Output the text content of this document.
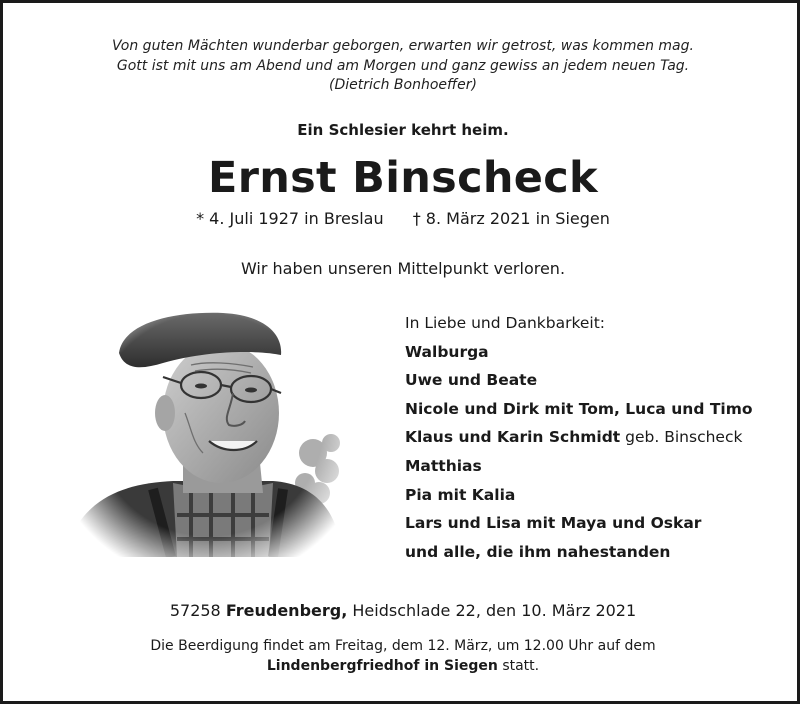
Von guten Mächten wunderbar geborgen, erwarten wir getrost, was kommen mag.
Gott ist mit uns am Abend und am Morgen und ganz gewiss an jedem neuen Tag.
(Dietrich Bonhoeffer)
Ein Schlesier kehrt heim.
Ernst Binscheck
* 4. Juli 1927 in Breslau † 8. März 2021 in Siegen
Wir haben unseren Mittelpunkt verloren.
In Liebe und Dankbarkeit:
Walburga
Uwe und Beate
Nicole und Dirk mit Tom, Luca und Timo
Klaus und Karin Schmidt geb. Binscheck
Matthias
Pia mit Kalia
Lars und Lisa mit Maya und Oskar
und alle, die ihm nahestanden
57258 Freudenberg, Heidschlade 22, den 10. März 2021
Die Beerdigung findet am Freitag, dem 12. März, um 12.00 Uhr auf dem
Lindenbergfriedhof in Siegen statt.
